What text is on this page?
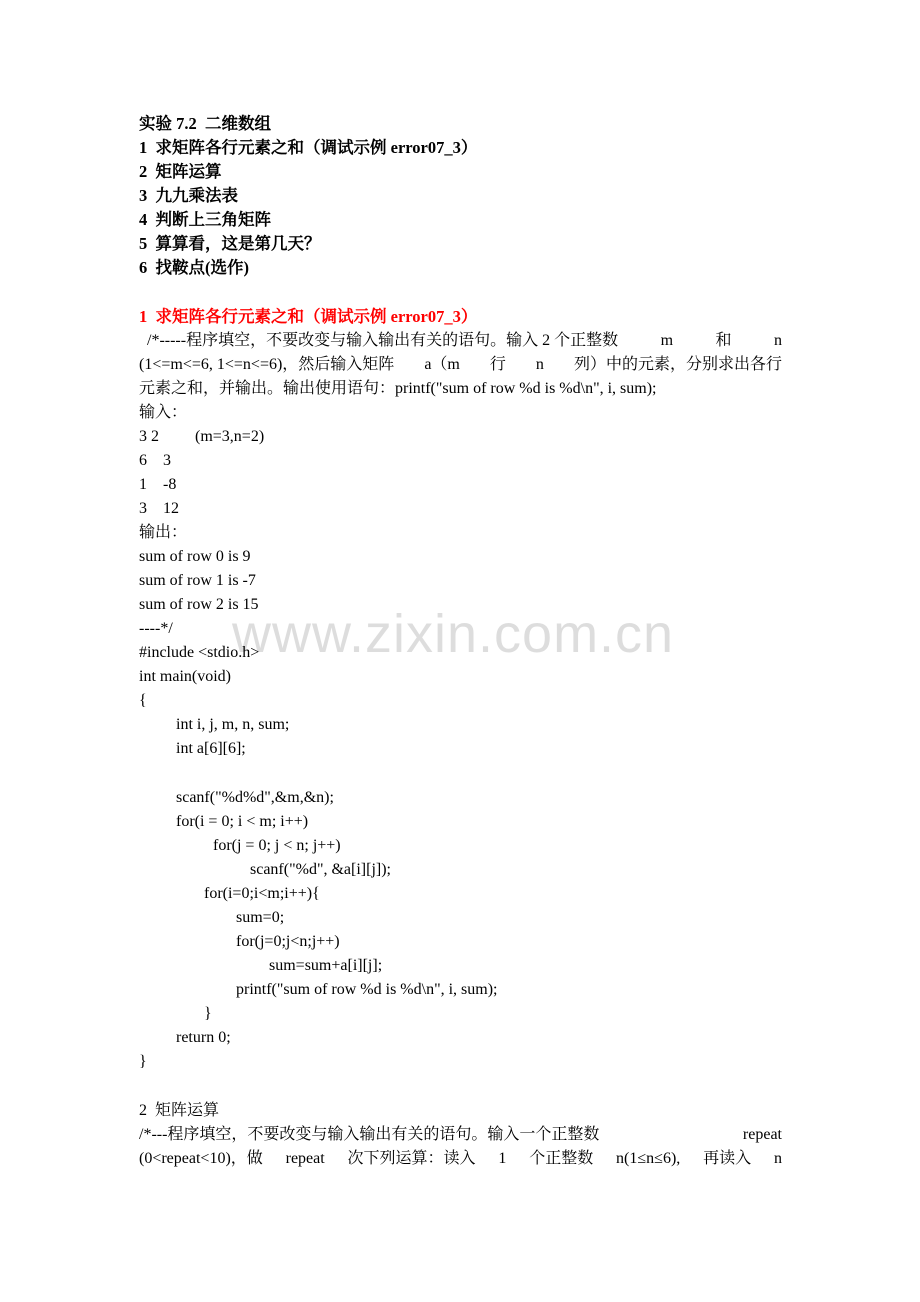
实验 7.2  二维数组
1  求矩阵各行元素之和（调试示例 error07_3）
2  矩阵运算
3  九九乘法表
4  判断上三角矩阵
5  算算看，这是第几天？
6  找鞍点(选作)
1  求矩阵各行元素之和（调试示例 error07_3）
/*-----程序填空，不要改变与输入输出有关的语句。输入 2 个正整数	m	和	n
(1<=m<=6, 1<=n<=6)，然后输入矩阵 a（m 行 n 列）中的元素，分别求出各行
元素之和，并输出。输出使用语句：printf("sum of row %d is %d\n", i, sum);
输入：
3 2         (m=3,n=2)
6    3
1    -8
3    12
输出：
sum of row 0 is 9
sum of row 1 is -7
sum of row 2 is 15
----*/
#include <stdio.h>
int main(void)
{
int i, j, m, n, sum;
int a[6][6];
scanf("%d%d",&m,&n);
for(i = 0; i < m; i++)
for(j = 0; j < n; j++)
scanf("%d", &a[i][j]);
for(i=0;i<m;i++){
sum=0;
for(j=0;j<n;j++)
sum=sum+a[i][j];
printf("sum of row %d is %d\n", i, sum);
}
return 0;
}
2  矩阵运算
/*---程序填空，不要改变与输入输出有关的语句。输入一个正整数	repeat
(0<repeat<10)，做 repeat 次下列运算：读入 1 个正整数 n(1≤n≤6), 再读入 n
www.zixin.com.cn
